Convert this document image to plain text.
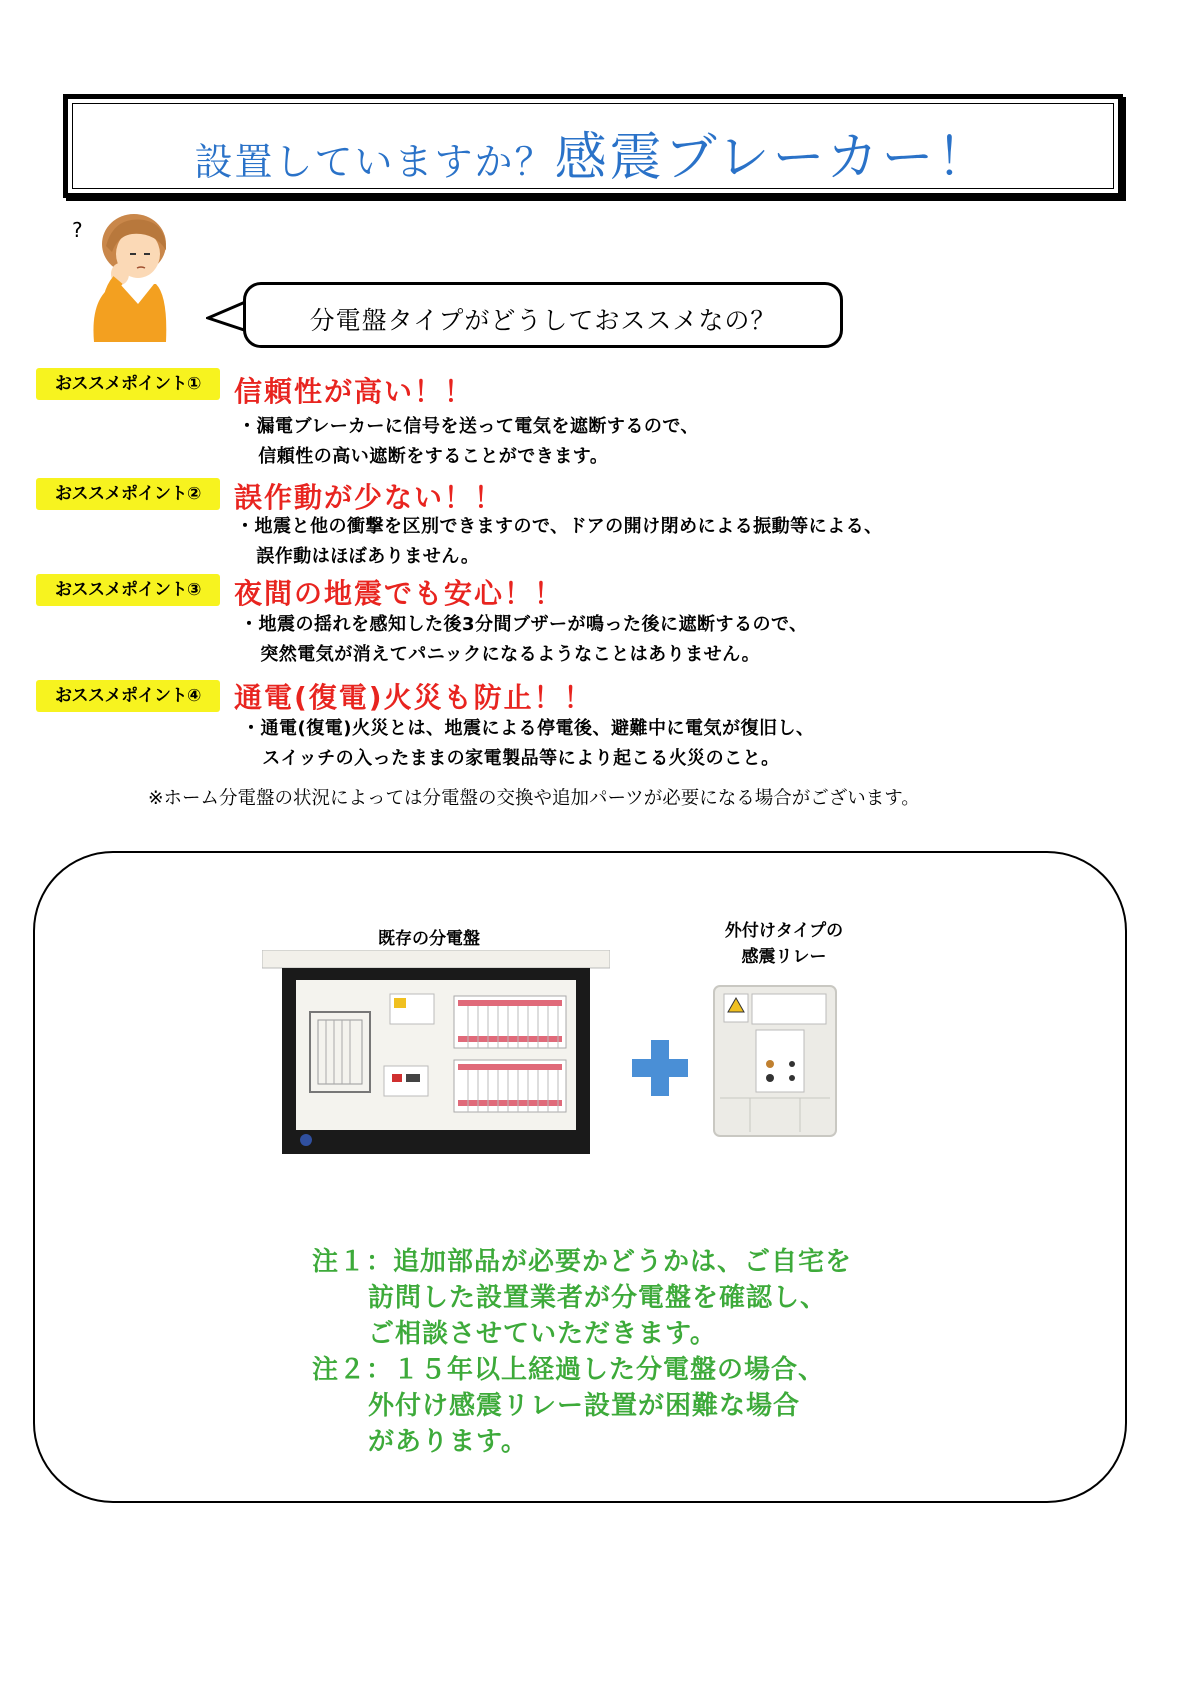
設置していますか？感震ブレーカー！
?
分電盤タイプがどうしておススメなの？
おススメポイント①	信頼性が高い！！
・漏電ブレーカーに信号を送って電気を遮断するので、
信頼性の高い遮断をすることができます。
おススメポイント②	誤作動が少ない！！
・地震と他の衝撃を区別できますので、ドアの開け閉めによる振動等による、
誤作動はほぼありません。
おススメポイント③	夜間の地震でも安心！！
・地震の揺れを感知した後3分間ブザーが鳴った後に遮断するので、
突然電気が消えてパニックになるようなことはありません。
おススメポイント④	通電(復電)火災も防止！！
・通電(復電)火災とは、地震による停電後、避難中に電気が復旧し、
スイッチの入ったままの家電製品等により起こる火災のこと。
※ホーム分電盤の状況によっては分電盤の交換や追加パーツが必要になる場合がございます。
既存の分電盤	外付けタイプの
感震リレー
注１：追加部品が必要かどうかは、ご自宅を
訪問した設置業者が分電盤を確認し、
ご相談させていただきます。
注２：１５年以上経過した分電盤の場合、
外付け感震リレー設置が困難な場合
があります。
